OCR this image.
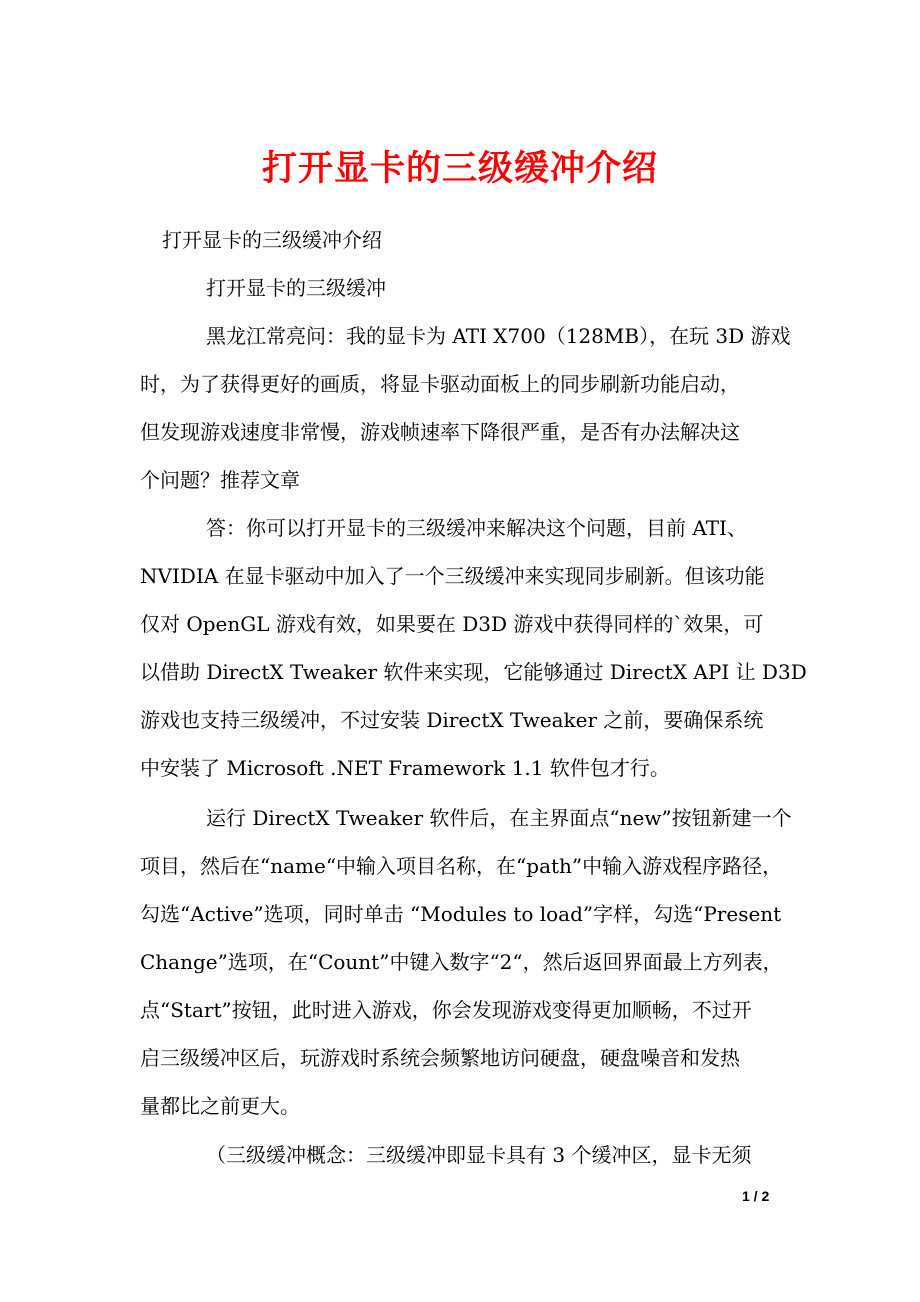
打开显卡的三级缓冲介绍
打开显卡的三级缓冲介绍
打开显卡的三级缓冲
黑龙江常亮问：我的显卡为 ATI X700（128MB），在玩 3D 游戏
时，为了获得更好的画质，将显卡驱动面板上的同步刷新功能启动，
但发现游戏速度非常慢，游戏帧速率下降很严重，是否有办法解决这
个问题？推荐文章
答：你可以打开显卡的三级缓冲来解决这个问题，目前 ATI、
NVIDIA 在显卡驱动中加入了一个三级缓冲来实现同步刷新。但该功能
仅对 OpenGL 游戏有效，如果要在 D3D 游戏中获得同样的`效果，可
以借助 DirectX Tweaker 软件来实现，它能够通过 DirectX API 让 D3D
游戏也支持三级缓冲，不过安装 DirectX Tweaker 之前，要确保系统
中安装了 Microsoft .NET Framework 1.1 软件包才行。
运行 DirectX Tweaker 软件后，在主界面点“new”按钮新建一个
项目，然后在“name“中输入项目名称，在“path”中输入游戏程序路径，
勾选“Active”选项，同时单击 “Modules to load”字样，勾选“Present
Change”选项，在“Count”中键入数字“2“，然后返回界面最上方列表，
点“Start”按钮，此时进入游戏，你会发现游戏变得更加顺畅，不过开
启三级缓冲区后，玩游戏时系统会频繁地访问硬盘，硬盘噪音和发热
量都比之前更大。
（三级缓冲概念：三级缓冲即显卡具有 3 个缓冲区，显卡无须
1 / 2
